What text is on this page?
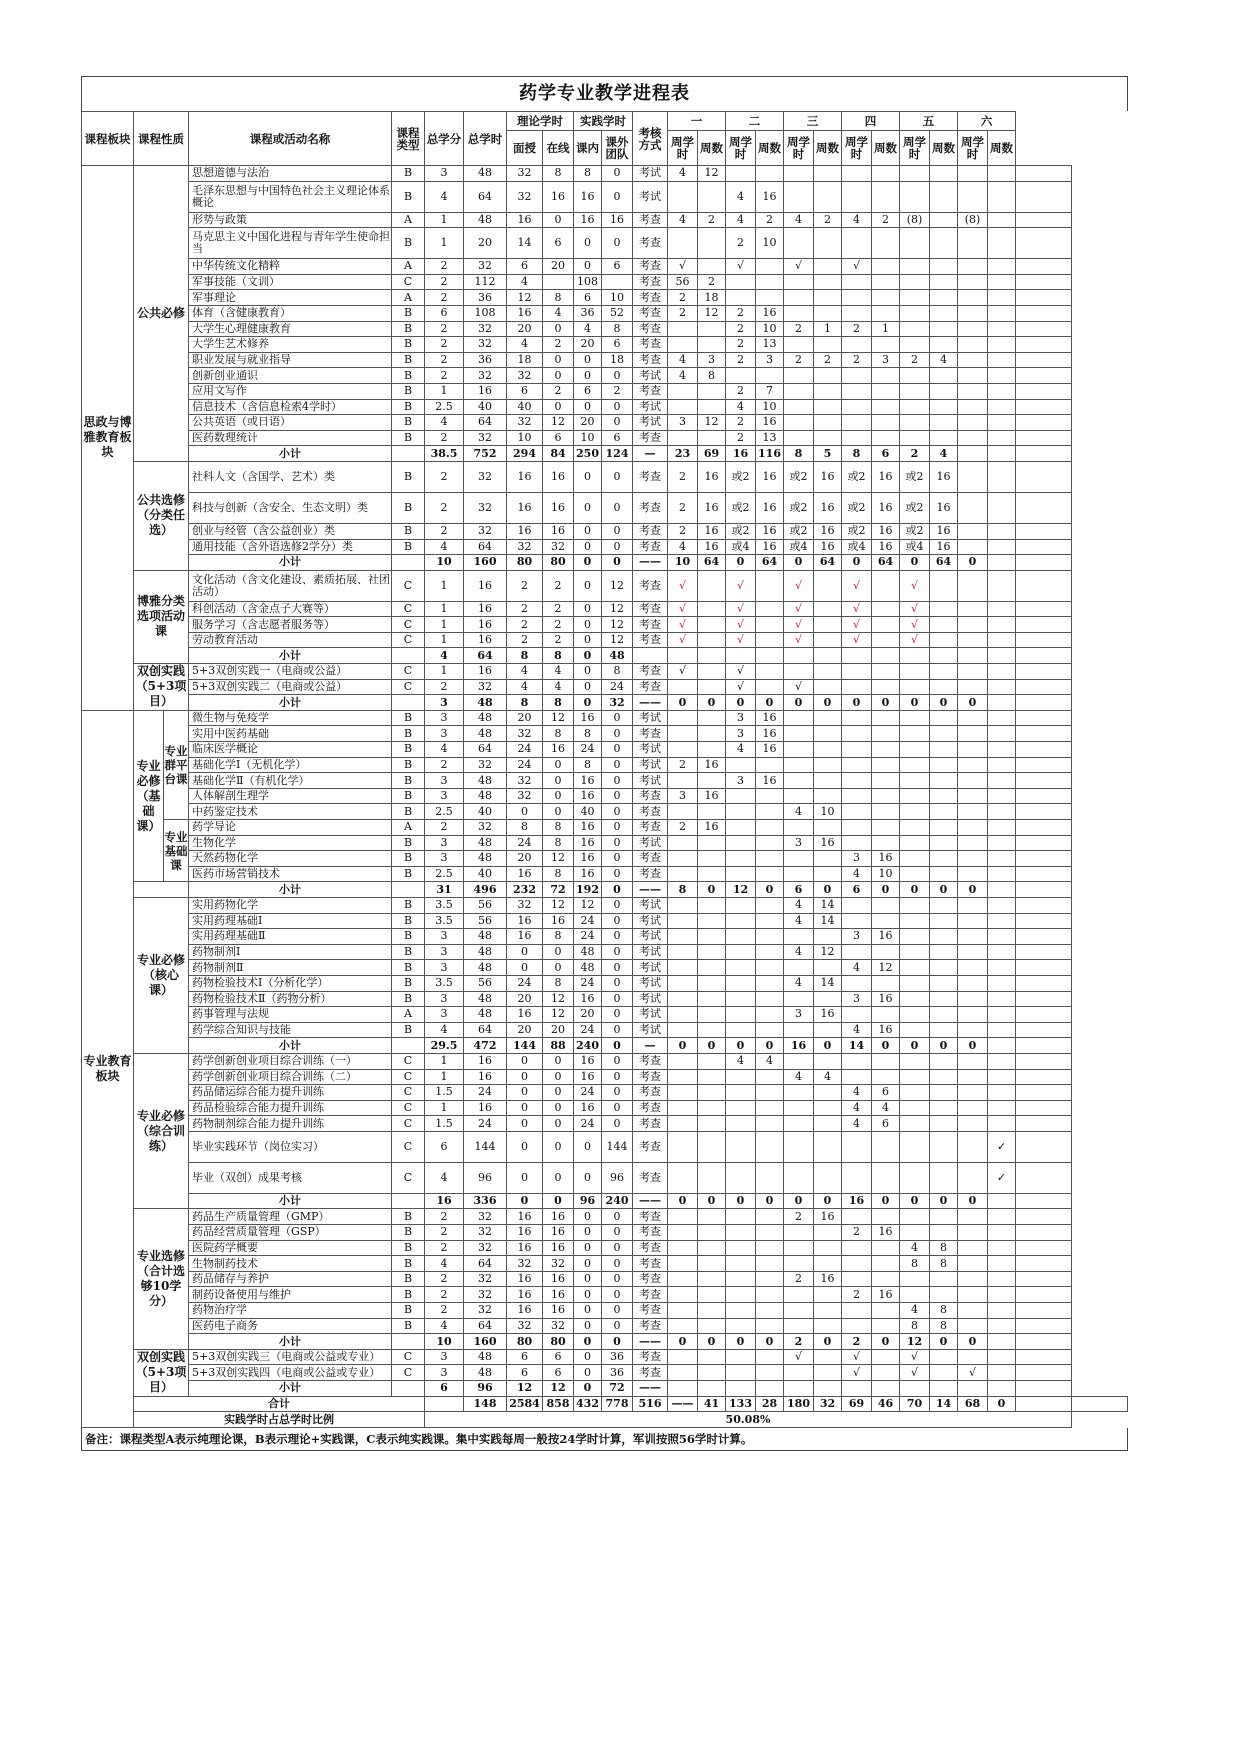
药学专业教学进程表
课程板块	课程性质		课程或活动名称	课程类型	总学分	总学时	理论学时		实践学时		考核方式	一		二		三		四		五		六			
							面授	在线	课内	课外团队		周学时	周数	周学时	周数	周学时	周数	周学时	周数	周学时	周数	周学时	周数		
思政与博雅教育板块	公共必修		思想道德与法治	B	3	48	32	8	8	0	考试	4	12												
			毛泽东思想与中国特色社会主义理论体系概论	B	4	64	32	16	16	0	考试			4	16										
			形势与政策	A	1	48	16	0	16	16	考查	4	2	4	2	4	2	4	2	(8)		(8)			
			马克思主义中国化进程与青年学生使命担当	B	1	20	14	6	0	0	考查			2	10										
			中华传统文化精粹	A	2	32	6	20	0	6	考查	√		√		√		√							
			军事技能（文训）	C	2	112	4		108		考查	56	2												
			军事理论	A	2	36	12	8	6	10	考查	2	18												
			体育（含健康教育）	B	6	108	16	4	36	52	考查	2	12	2	16										
			大学生心理健康教育	B	2	32	20	0	4	8	考查			2	10	2	1	2	1						
			大学生艺术修养	B	2	32	4	2	20	6	考查			2	13										
			职业发展与就业指导	B	2	36	18	0	0	18	考查	4	3	2	3	2	2	2	3	2	4				
			创新创业通识	B	2	32	32	0	0	0	考试	4	8												
			应用文写作	B	1	16	6	2	6	2	考查			2	7										
			信息技术（含信息检索4学时）	B	2.5	40	40	0	0	0	考试			4	10										
			公共英语（或日语）	B	4	64	32	12	20	0	考试	3	12	2	16										
			医药数理统计	B	2	32	10	6	10	6	考查			2	13										
			小计		38.5	752	294	84	250	124	—	23	69	16	116	8	5	8	6	2	4				
	公共选修（分类任选）		社科人文（含国学、艺术）类	B	2	32	16	16	0	0	考查	2	16	或2	16	或2	16	或2	16	或2	16				
			科技与创新（含安全、生态文明）类	B	2	32	16	16	0	0	考查	2	16	或2	16	或2	16	或2	16	或2	16				
			创业与经管（含公益创业）类	B	2	32	16	16	0	0	考查	2	16	或2	16	或2	16	或2	16	或2	16				
			通用技能（含外语选修2学分）类	B	4	64	32	32	0	0	考查	4	16	或4	16	或4	16	或4	16	或4	16				
			小计		10	160	80	80	0	0	——	10	64	0	64	0	64	0	64	0	64	0			
	博雅分类选项活动课		文化活动（含文化建设、素质拓展、社团活动）	C	1	16	2	2	0	12	考查	√		√		√		√		√					
			科创活动（含金点子大赛等）	C	1	16	2	2	0	12	考查	√		√		√		√		√					
			服务学习（含志愿者服务等）	C	1	16	2	2	0	12	考查	√		√		√		√		√					
			劳动教育活动	C	1	16	2	2	0	12	考查	√		√		√		√		√					
			小计		4	64	8	8	0	48															
	双创实践（5+3项目）		5+3双创实践一（电商或公益）	C	1	16	4	4	0	8	考查	√		√											
			5+3双创实践二（电商或公益）	C	2	32	4	4	0	24	考查			√		√									
			小计		3	48	8	8	0	32	——	0	0	0	0	0	0	0	0	0	0	0			
专业教育板块	专业必修（基础课）	专业群平台课	微生物与免疫学	B	3	48	20	12	16	0	考试			3	16										
			实用中医药基础	B	3	48	32	8	8	0	考查			3	16										
			临床医学概论	B	4	64	24	16	24	0	考试			4	16										
			基础化学Ⅰ（无机化学）	B	2	32	24	0	8	0	考试	2	16												
			基础化学Ⅱ（有机化学）	B	3	48	32	0	16	0	考试			3	16										
			人体解剖生理学	B	3	48	32	0	16	0	考查	3	16												
			中药鉴定技术	B	2.5	40	0	0	40	0	考查					4	10								
		专业基础课	药学导论	A	2	32	8	8	16	0	考查	2	16												
			生物化学	B	3	48	24	8	16	0	考试					3	16								
			天然药物化学	B	3	48	20	12	16	0	考查							3	16						
			医药市场营销技术	B	2.5	40	16	8	16	0	考查							4	10						
			小计		31	496	232	72	192	0	——	8	0	12	0	6	0	6	0	0	0	0			
	专业必修（核心课）		实用药物化学	B	3.5	56	32	12	12	0	考试					4	14								
			实用药理基础Ⅰ	B	3.5	56	16	16	24	0	考试					4	14								
			实用药理基础Ⅱ	B	3	48	16	8	24	0	考试							3	16						
			药物制剂Ⅰ	B	3	48	0	0	48	0	考试					4	12								
			药物制剂Ⅱ	B	3	48	0	0	48	0	考试							4	12						
			药物检验技术Ⅰ（分析化学）	B	3.5	56	24	8	24	0	考试					4	14								
			药物检验技术Ⅱ（药物分析）	B	3	48	20	12	16	0	考试							3	16						
			药事管理与法规	A	3	48	16	12	20	0	考试					3	16								
			药学综合知识与技能	B	4	64	20	20	24	0	考试							4	16						
			小计		29.5	472	144	88	240	0	—	0	0	0	0	16	0	14	0	0	0	0			
	专业必修（综合训练）		药学创新创业项目综合训练（一）	C	1	16	0	0	16	0	考查			4	4										
			药学创新创业项目综合训练（二）	C	1	16	0	0	16	0	考查					4	4								
			药品储运综合能力提升训练	C	1.5	24	0	0	24	0	考查							4	6						
			药品检验综合能力提升训练	C	1	16	0	0	16	0	考查							4	4						
			药物制剂综合能力提升训练	C	1.5	24	0	0	24	0	考查							4	6						
			毕业实践环节（岗位实习）	C	6	144	0	0	0	144	考查												✓		
			毕业（双创）成果考核	C	4	96	0	0	0	96	考查												✓		
			小计		16	336	0	0	96	240	——	0	0	0	0	0	0	16	0	0	0	0			
	专业选修（合计选够10学分）		药品生产质量管理（GMP）	B	2	32	16	16	0	0	考查					2	16								
			药品经营质量管理（GSP）	B	2	32	16	16	0	0	考查							2	16						
			医院药学概要	B	2	32	16	16	0	0	考查									4	8				
			生物制药技术	B	4	64	32	32	0	0	考查									8	8				
			药品储存与养护	B	2	32	16	16	0	0	考查					2	16								
			制药设备使用与维护	B	2	32	16	16	0	0	考查							2	16						
			药物治疗学	B	2	32	16	16	0	0	考查									4	8				
			医药电子商务	B	4	64	32	32	0	0	考查									8	8				
			小计		10	160	80	80	0	0	——	0	0	0	0	2	0	2	0	12	0	0			
	双创实践（5+3项目）		5+3双创实践三（电商或公益或专业）	C	3	48	6	6	0	36	考查					√		√		√					
			5+3双创实践四（电商或公益或专业）	C	3	48	6	6	0	36	考查							√		√		√			
			小计		6	96	12	12	0	72	——														
	合计					148	2584	858	432	778	516	——	41	133	28	180	32	69	46	70	14	68	0		
	实践学时占总学时比例				50.08%																				
备注：课程类型A表示纯理论课，B表示理论+实践课，C表示纯实践课。集中实践每周一般按24学时计算，军训按照56学时计算。
